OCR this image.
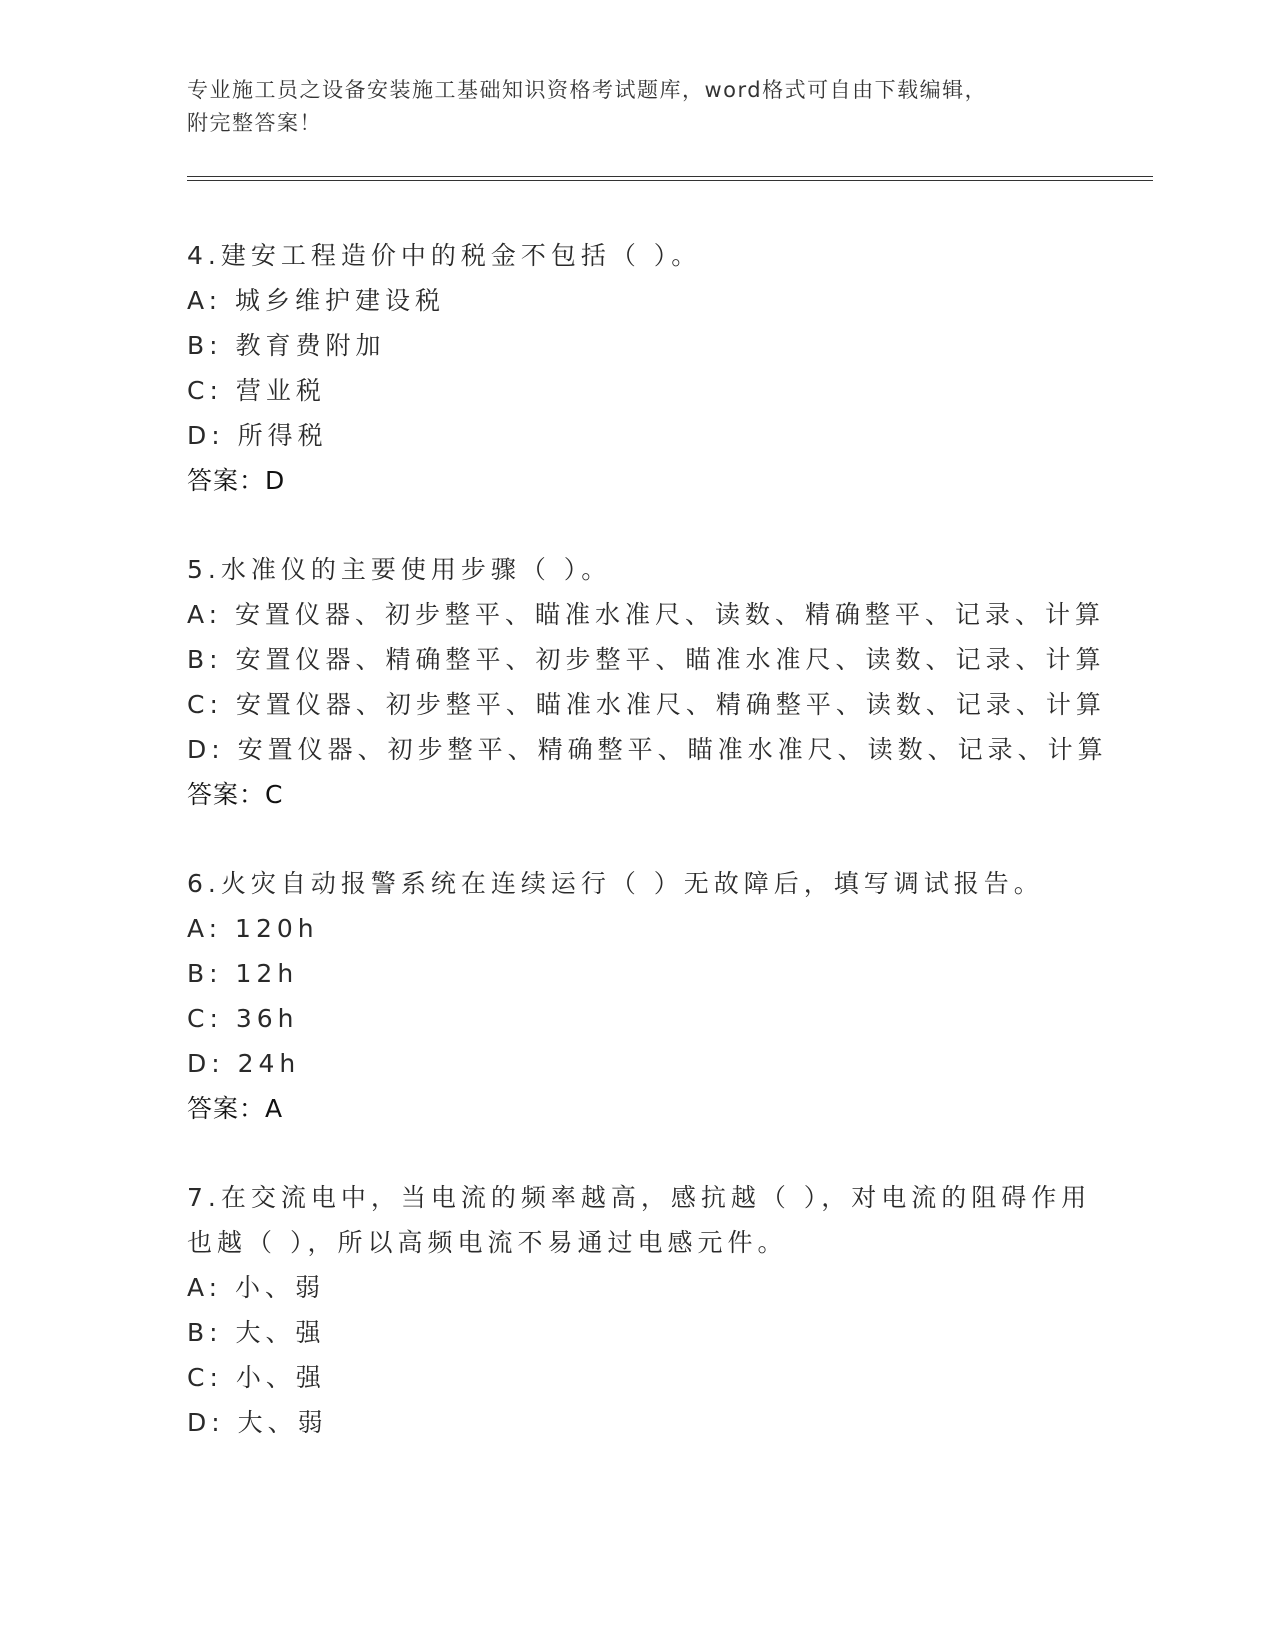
专业施工员之设备安装施工基础知识资格考试题库，word格式可自由下载编辑，
附完整答案！
4.建安工程造价中的税金不包括（ ）。
A: 城乡维护建设税
B: 教育费附加
C: 营业税
D: 所得税
答案：D
5.水准仪的主要使用步骤（ ）。
A: 安置仪器、初步整平、瞄准水准尺、读数、精确整平、记录、计算
B: 安置仪器、精确整平、初步整平、瞄准水准尺、读数、记录、计算
C: 安置仪器、初步整平、瞄准水准尺、精确整平、读数、记录、计算
D: 安置仪器、初步整平、精确整平、瞄准水准尺、读数、记录、计算
答案：C
6.火灾自动报警系统在连续运行（ ）无故障后，填写调试报告。
A: 120h
B: 12h
C: 36h
D: 24h
答案：A
7.在交流电中，当电流的频率越高，感抗越（ ），对电流的阻碍作用
也越（ ），所以高频电流不易通过电感元件。
A: 小、弱
B: 大、强
C: 小、强
D: 大、弱
